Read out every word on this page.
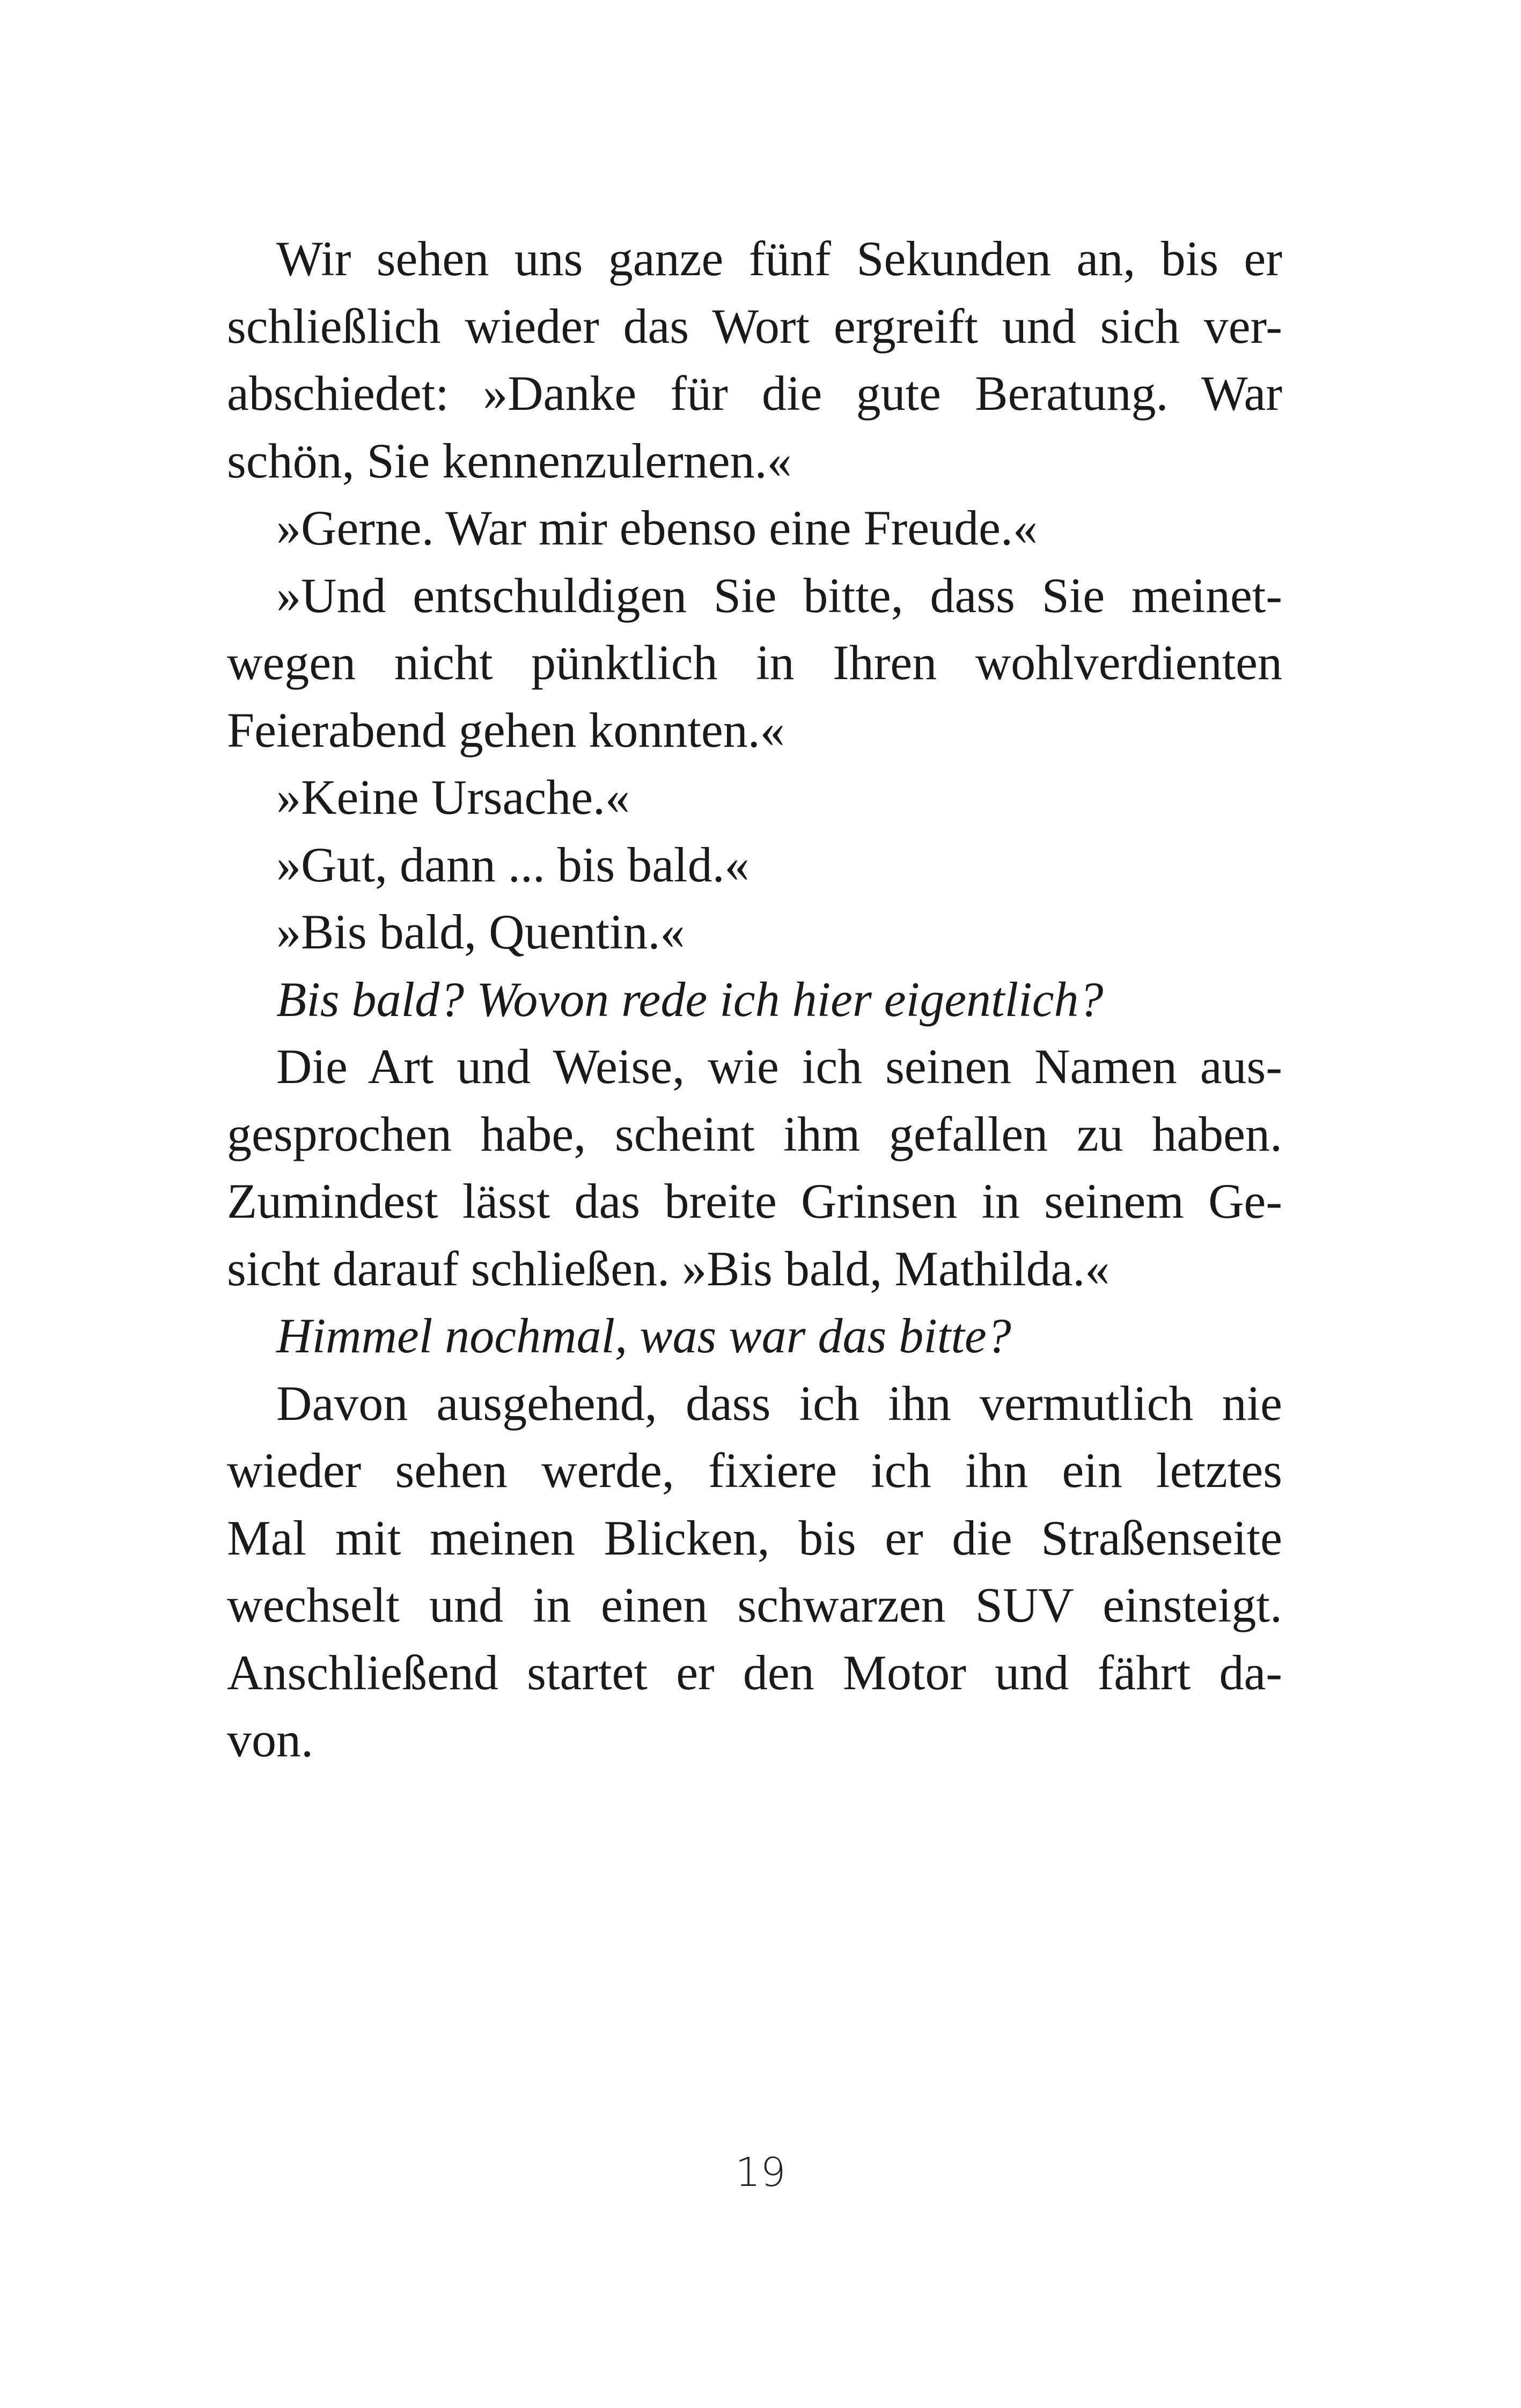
Wir sehen uns ganze fünf Sekunden an, bis er
schließlich wieder das Wort ergreift und sich ver-
abschiedet: »Danke für die gute Beratung. War
schön, Sie kennenzulernen.«
»Gerne. War mir ebenso eine Freude.«
»Und entschuldigen Sie bitte, dass Sie meinet-
wegen nicht pünktlich in Ihren wohlverdienten
Feierabend gehen konnten.«
»Keine Ursache.«
»Gut, dann ... bis bald.«
»Bis bald, Quentin.«
Bis bald? Wovon rede ich hier eigentlich?
Die Art und Weise, wie ich seinen Namen aus-
gesprochen habe, scheint ihm gefallen zu haben.
Zumindest lässt das breite Grinsen in seinem Ge-
sicht darauf schließen. »Bis bald, Mathilda.«
Himmel nochmal, was war das bitte?
Davon ausgehend, dass ich ihn vermutlich nie
wieder sehen werde, fixiere ich ihn ein letztes
Mal mit meinen Blicken, bis er die Straßenseite
wechselt und in einen schwarzen SUV einsteigt.
Anschließend startet er den Motor und fährt da-
von.
19
